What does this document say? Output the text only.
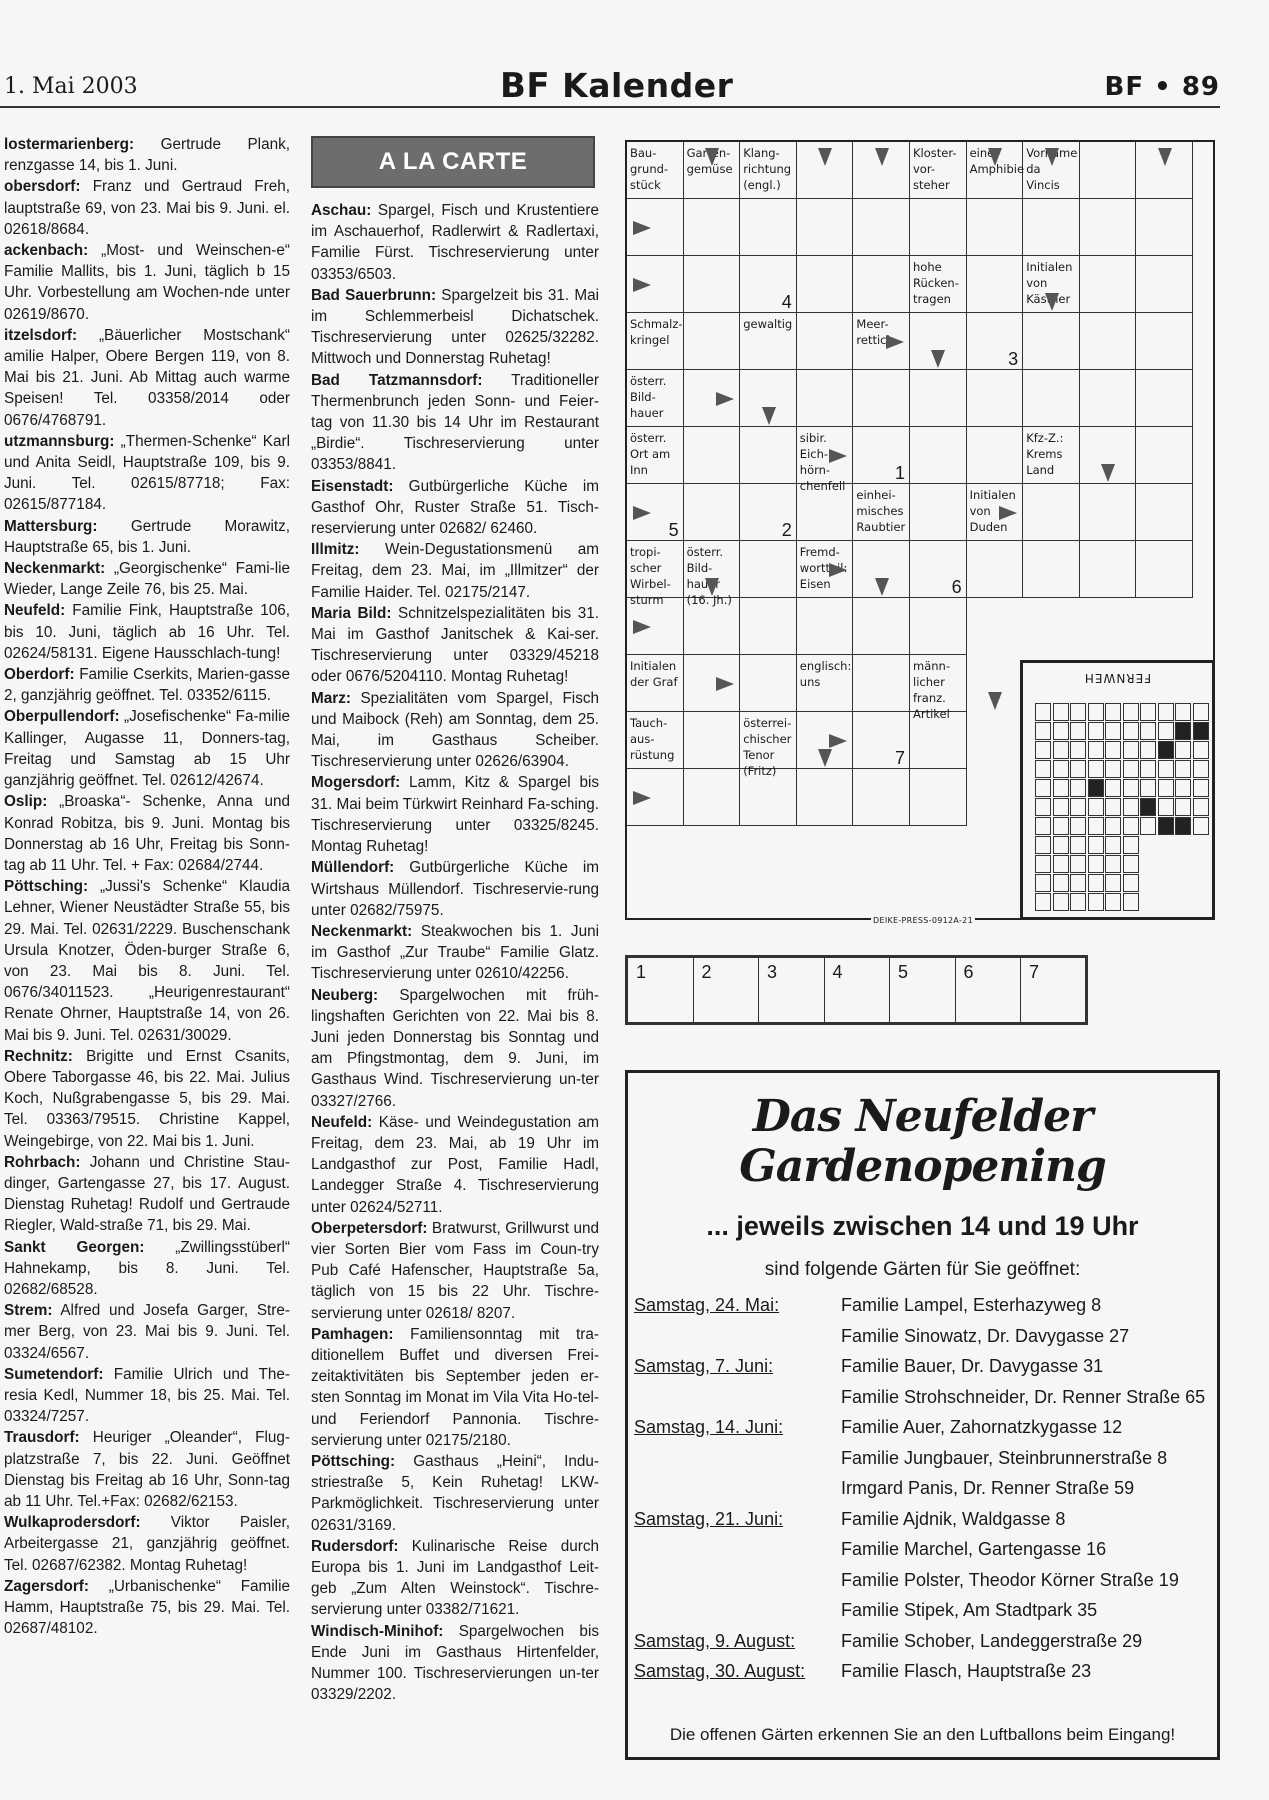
1. Mai 2003	BF Kalender	BF • 89
lostermarienberg: Gertrude Plank, renzgasse 14, bis 1. Juni.
obersdorf: Franz und Gertraud Freh, lauptstraße 69, von 23. Mai bis 9. Juni. el. 02618/8684.
ackenbach: „Most- und Weinschen-e“ Familie Mallits, bis 1. Juni, täglich b 15 Uhr. Vorbestellung am Wochen-nde unter 02619/8670.
itzelsdorf: „Bäuerlicher Mostschank“ amilie Halper, Obere Bergen 119, von 8. Mai bis 21. Juni. Ab Mittag auch warme Speisen! Tel. 03358/2014 oder 0676/4768791.
utzmannsburg: „Thermen-Schenke“ Karl und Anita Seidl, Hauptstraße 109, bis 9. Juni. Tel. 02615/87718; Fax: 02615/877184.
Mattersburg: Gertrude Morawitz, Hauptstraße 65, bis 1. Juni.
Neckenmarkt: „Georgischenke“ Fami-lie Wieder, Lange Zeile 76, bis 25. Mai.
Neufeld: Familie Fink, Hauptstraße 106, bis 10. Juni, täglich ab 16 Uhr. Tel. 02624/58131. Eigene Hausschlach-tung!
Oberdorf: Familie Cserkits, Marien-gasse 2, ganzjährig geöffnet. Tel. 03352/6115.
Oberpullendorf: „Josefischenke“ Fa-milie Kallinger, Augasse 11, Donners-tag, Freitag und Samstag ab 15 Uhr ganzjährig geöffnet. Tel. 02612/42674.
Oslip: „Broaska“- Schenke, Anna und Konrad Robitza, bis 9. Juni. Montag bis Donnerstag ab 16 Uhr, Freitag bis Sonn-tag ab 11 Uhr. Tel. + Fax: 02684/2744.
Pöttsching: „Jussi's Schenke“ Klaudia Lehner, Wiener Neustädter Straße 55, bis 29. Mai. Tel. 02631/2229. Buschenschank Ursula Knotzer, Öden-burger Straße 6, von 23. Mai bis 8. Juni. Tel. 0676/34011523. „Heurigenrestaurant“ Renate Ohrner, Hauptstraße 14, von 26. Mai bis 9. Juni. Tel. 02631/30029.
Rechnitz: Brigitte und Ernst Csanits, Obere Taborgasse 46, bis 22. Mai. Julius Koch, Nußgrabengasse 5, bis 29. Mai. Tel. 03363/79515. Christine Kappel, Weingebirge, von 22. Mai bis 1. Juni.
Rohrbach: Johann und Christine Stau-dinger, Gartengasse 27, bis 17. August. Dienstag Ruhetag! Rudolf und Gertraude Riegler, Wald-straße 71, bis 29. Mai.
Sankt Georgen: „Zwillingsstüberl“ Hahnekamp, bis 8. Juni. Tel. 02682/68528.
Strem: Alfred und Josefa Garger, Stre-mer Berg, von 23. Mai bis 9. Juni. Tel. 03324/6567.
Sumetendorf: Familie Ulrich und The-resia Kedl, Nummer 18, bis 25. Mai. Tel. 03324/7257.
Trausdorf: Heuriger „Oleander“, Flug-platzstraße 7, bis 22. Juni. Geöffnet Dienstag bis Freitag ab 16 Uhr, Sonn-tag ab 11 Uhr. Tel.+Fax: 02682/62153.
Wulkaprodersdorf: Viktor Paisler, Arbeitergasse 21, ganzjährig geöffnet. Tel. 02687/62382. Montag Ruhetag!
Zagersdorf: „Urbanischenke“ Familie Hamm, Hauptstraße 75, bis 29. Mai. Tel. 02687/48102.
A LA CARTE
Aschau: Spargel, Fisch und Krustentiere im Aschauerhof, Radlerwirt & Radlertaxi, Familie Fürst. Tischreservierung unter 03353/6503.
Bad Sauerbrunn: Spargelzeit bis 31. Mai im Schlemmerbeisl Dichatschek. Tischreservierung unter 02625/32282. Mittwoch und Donnerstag Ruhetag!
Bad Tatzmannsdorf: Traditioneller Thermenbrunch jeden Sonn- und Feier-tag von 11.30 bis 14 Uhr im Restaurant „Birdie“. Tischreservierung unter 03353/8841.
Eisenstadt: Gutbürgerliche Küche im Gasthof Ohr, Ruster Straße 51. Tisch-reservierung unter 02682/ 62460.
Illmitz: Wein-Degustationsmenü am Freitag, dem 23. Mai, im „Illmitzer“ der Familie Haider. Tel. 02175/2147.
Maria Bild: Schnitzelspezialitäten bis 31. Mai im Gasthof Janitschek & Kai-ser. Tischreservierung unter 03329/45218 oder 0676/5204110. Montag Ruhetag!
Marz: Spezialitäten vom Spargel, Fisch und Maibock (Reh) am Sonntag, dem 25. Mai, im Gasthaus Scheiber. Tischreservierung unter 02626/63904.
Mogersdorf: Lamm, Kitz & Spargel bis 31. Mai beim Türkwirt Reinhard Fa-sching. Tischreservierung unter 03325/8245. Montag Ruhetag!
Müllendorf: Gutbürgerliche Küche im Wirtshaus Müllendorf. Tischreservie-rung unter 02682/75975.
Neckenmarkt: Steakwochen bis 1. Juni im Gasthof „Zur Traube“ Familie Glatz. Tischreservierung unter 02610/42256.
Neuberg: Spargelwochen mit früh-lingshaften Gerichten von 22. Mai bis 8. Juni jeden Donnerstag bis Sonntag und am Pfingstmontag, dem 9. Juni, im Gasthaus Wind. Tischreservierung un-ter 03327/2766.
Neufeld: Käse- und Weindegustation am Freitag, dem 23. Mai, ab 19 Uhr im Landgasthof zur Post, Familie Hadl, Landegger Straße 4. Tischreservierung unter 02624/52711.
Oberpetersdorf: Bratwurst, Grillwurst und vier Sorten Bier vom Fass im Coun-try Pub Café Hafenscher, Hauptstraße 5a, täglich von 15 bis 22 Uhr. Tischre-servierung unter 02618/ 8207.
Pamhagen: Familiensonntag mit tra-ditionellem Buffet und diversen Frei-zeitaktivitäten bis September jeden er-sten Sonntag im Monat im Vila Vita Ho-tel- und Feriendorf Pannonia. Tischre-servierung unter 02175/2180.
Pöttsching: Gasthaus „Heini“, Indu-striestraße 5, Kein Ruhetag! LKW-Parkmöglichkeit. Tischreservierung unter 02631/3169.
Rudersdorf: Kulinarische Reise durch Europa bis 1. Juni im Landgasthof Leit-geb „Zum Alten Weinstock“. Tischre-servierung unter 03382/71621.
Windisch-Minihof: Spargelwochen bis Ende Juni im Gasthaus Hirtenfelder, Nummer 100. Tischreservierungen un-ter 03329/2202.
Bau-grund-stück
Garten-gemüse
Klang-richtung (engl.)
Kloster-vor-steher
eine Amphibie
Vorname da Vincis
4
hohe Rücken-tragen
Initialen von Kästner
Schmalz-kringel
gewaltig	Meer-rettich
3
österr. Bild-hauer
österr. Ort am Inn
sibir. Eich-hörn-chenfell
1
Kfz-Z.: Krems Land
5	2
einhei-misches Raubtier
Initialen von Duden
tropi-scher Wirbel-sturm
österr. Bild-hauer (16. Jh.)
Fremd-wortteil: Eisen	6
Initialen der Graf
englisch: uns
männ-licher franz. Artikel
Tauch-aus-rüstung
österrei-chischer Tenor (Fritz)
7
FERNWEH
DEIKE-PRESS-0912A-21
1	2	3	4	5	6	7
Das Neufelder
Gardenopening
... jeweils zwischen 14 und 19 Uhr
sind folgende Gärten für Sie geöffnet:
Samstag, 24. Mai:	Familie Lampel, Esterhazyweg 8
Familie Sinowatz, Dr. Davygasse 27
Samstag, 7. Juni:	Familie Bauer, Dr. Davygasse 31
Familie Strohschneider, Dr. Renner Straße 65
Samstag, 14. Juni:	Familie Auer, Zahornatzkygasse 12
Familie Jungbauer, Steinbrunnerstraße 8
Irmgard Panis, Dr. Renner Straße 59
Samstag, 21. Juni:	Familie Ajdnik, Waldgasse 8
Familie Marchel, Gartengasse 16
Familie Polster, Theodor Körner Straße 19
Familie Stipek, Am Stadtpark 35
Samstag, 9. August:	Familie Schober, Landeggerstraße 29
Samstag, 30. August: Familie Flasch, Hauptstraße 23
Die offenen Gärten erkennen Sie an den Luftballons beim Eingang!
